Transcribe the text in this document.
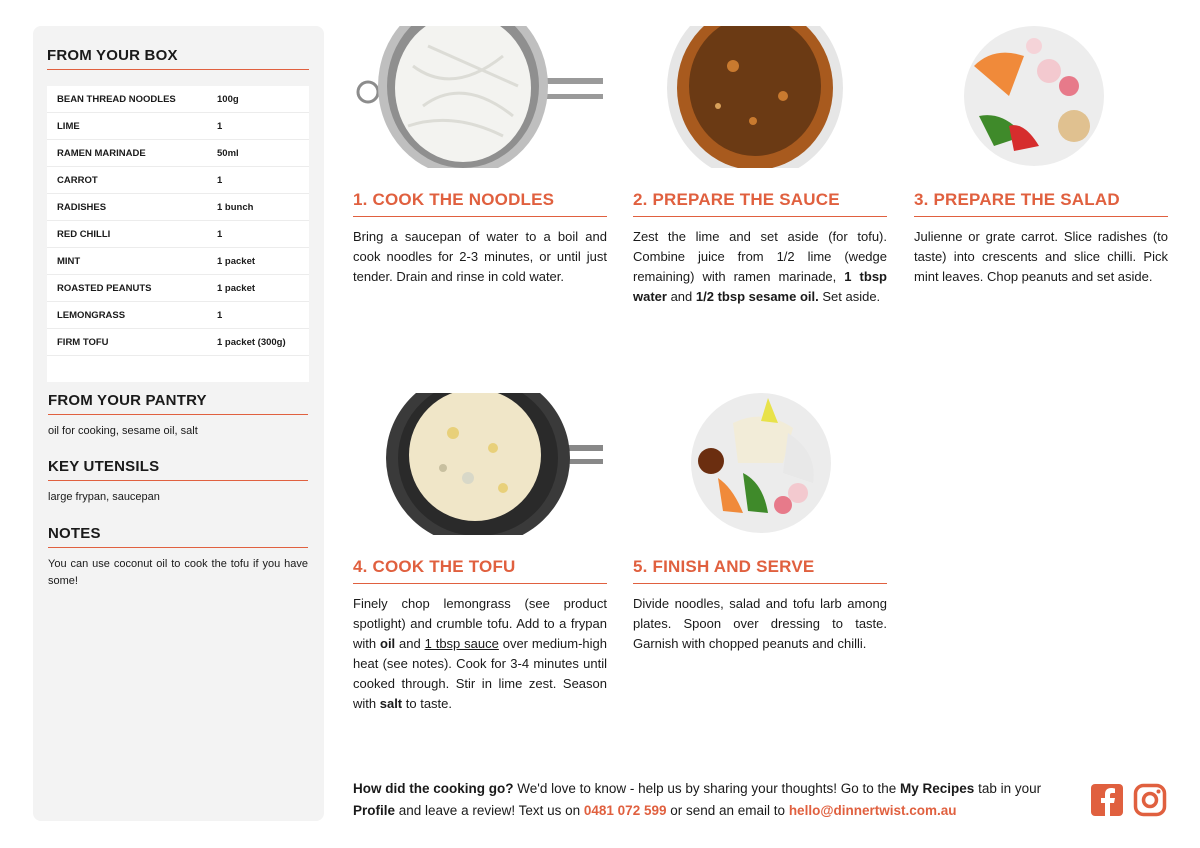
FROM YOUR BOX
BEAN THREAD NOODLES	100g
LIME	1
RAMEN MARINADE	50ml
CARROT	1
RADISHES	1 bunch
RED CHILLI	1
MINT	1 packet
ROASTED PEANUTS	1 packet
LEMONGRASS	1
FIRM TOFU	1 packet (300g)

FROM YOUR PANTRY
oil for cooking, sesame oil, salt
KEY UTENSILS
large frypan, saucepan
NOTES
You can use coconut oil to cook the tofu if you have some!
1. COOK THE NOODLES
Bring a saucepan of water to a boil and cook noodles for 2-3 minutes, or until just tender. Drain and rinse in cold water.
2. PREPARE THE SAUCE
Zest the lime and set aside (for tofu). Combine juice from 1/2 lime (wedge remaining) with ramen marinade, 1 tbsp water and 1/2 tbsp sesame oil. Set aside.
3. PREPARE THE SALAD
Julienne or grate carrot. Slice radishes (to taste) into crescents and slice chilli. Pick mint leaves. Chop peanuts and set aside.
4. COOK THE TOFU
Finely chop lemongrass (see product spotlight) and crumble tofu. Add to a frypan with oil and 1 tbsp sauce over medium-high heat (see notes). Cook for 3-4 minutes until cooked through. Stir in lime zest. Season with salt to taste.
5. FINISH AND SERVE
Divide noodles, salad and tofu larb among plates. Spoon over dressing to taste. Garnish with chopped peanuts and chilli.
How did the cooking go? We'd love to know - help us by sharing your thoughts! Go to the My Recipes tab in your Profile and leave a review! Text us on 0481 072 599 or send an email to hello@dinnertwist.com.au
